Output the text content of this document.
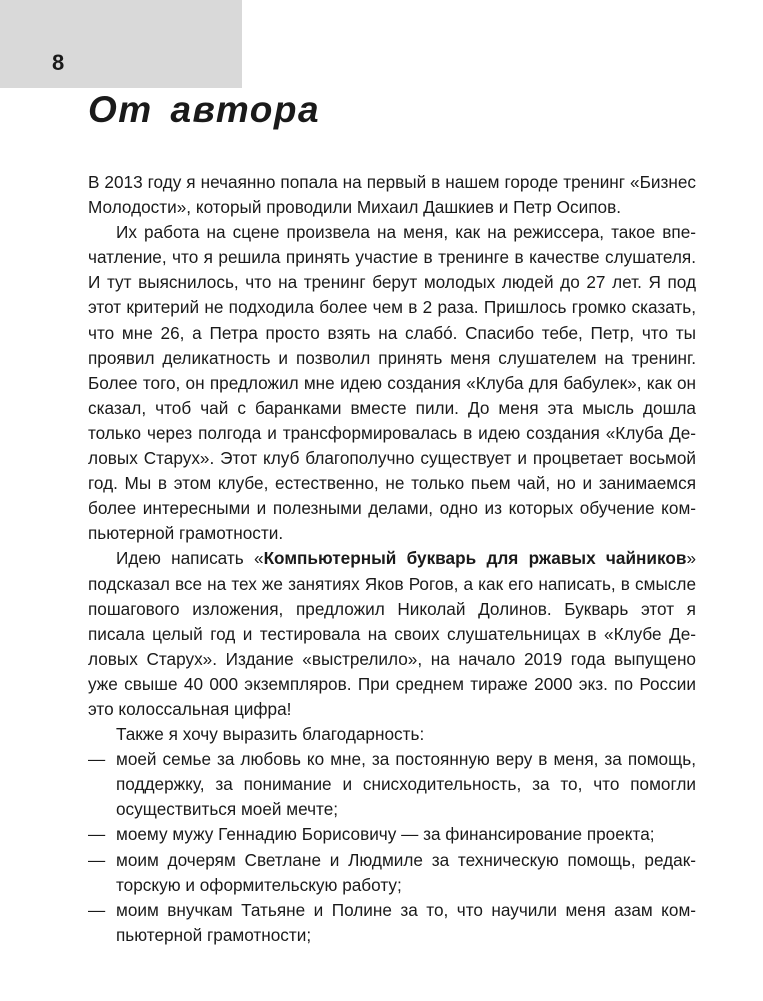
8
От автора

В 2013 году я нечаянно попала на первый в нашем городе тренинг «Бизнес Молодости», который проводили Михаил Дашкиев и Петр Осипов.

Их работа на сцене произвела на меня, как на режиссера, такое впечатление, что я решила принять участие в тренинге в качестве слушателя. И тут выяснилось, что на тренинг берут молодых людей до 27 лет. Я под этот критерий не подходила более чем в 2 раза. Пришлось громко сказать, что мне 26, а Петра просто взять на слабó. Спасибо тебе, Петр, что ты проявил деликатность и позволил принять меня слушателем на тренинг. Более того, он предложил мне идею создания «Клуба для бабулек», как он сказал, чтоб чай с баранками вместе пили. До меня эта мысль дошла только через полгода и трансформировалась в идею создания «Клуба Деловых Старух». Этот клуб благополучно существует и процветает восьмой год. Мы в этом клубе, естественно, не только пьем чай, но и занимаемся более интересными и полезными делами, одно из которых обучение компьютерной грамотности.

Идею написать «Компьютерный букварь для ржавых чайников» подсказал все на тех же занятиях Яков Рогов, а как его написать, в смысле пошагового изложения, предложил Николай Долинов. Букварь этот я писала целый год и тестировала на своих слушательницах в «Клубе Деловых Старух». Издание «выстрелило», на начало 2019 года выпущено уже свыше 40 000 экземпляров. При среднем тираже 2000 экз. по России это колоссальная цифра!

Также я хочу выразить благодарность:

— моей семье за любовь ко мне, за постоянную веру в меня, за помощь, поддержку, за понимание и снисходительность, за то, что помогли осуществиться моей мечте;
— моему мужу Геннадию Борисовичу — за финансирование проекта;
— моим дочерям Светлане и Людмиле за техническую помощь, редакторскую и оформительскую работу;
— моим внучкам Татьяне и Полине за то, что научили меня азам компьютерной грамотности;
